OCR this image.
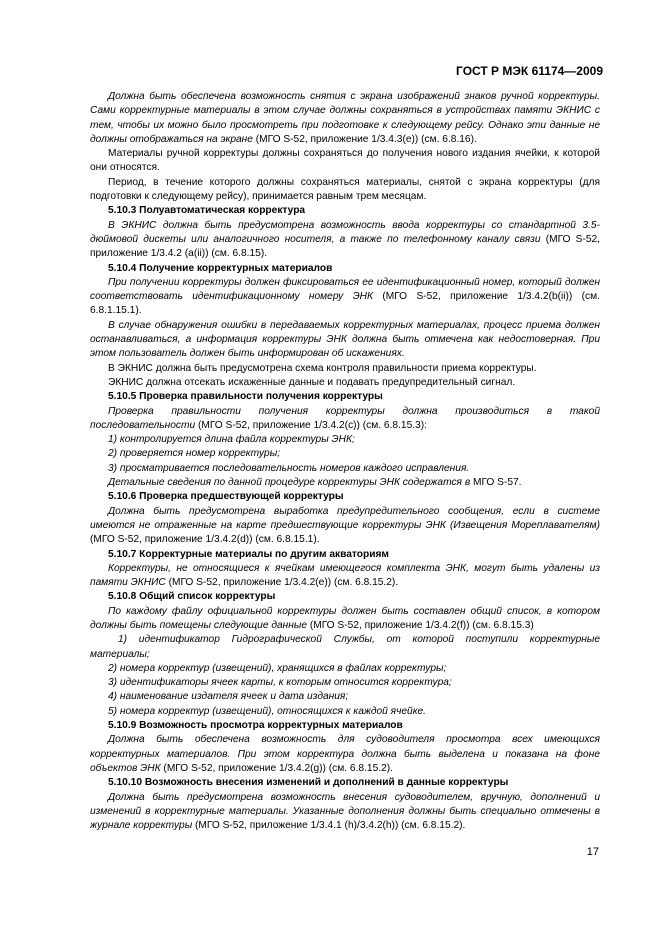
ГОСТ Р МЭК 61174—2009
Должна быть обеспечена возможность снятия с экрана изображений знаков ручной корректуры. Сами корректурные материалы в этом случае должны сохраняться в устройствах памяти ЭКНИС с тем, чтобы их можно было просмотреть при подготовке к следующему рейсу. Однако эти данные не должны отображаться на экране (МГО S-52, приложение 1/3.4.3(e)) (см. 6.8.16).
Материалы ручной корректуры должны сохраняться до получения нового издания ячейки, к которой они относятся.
Период, в течение которого должны сохраняться материалы, снятой с экрана корректуры (для подготовки к следующему рейсу), принимается равным трем месяцам.
5.10.3 Полуавтоматическая корректура
В ЭКНИС должна быть предусмотрена возможность ввода корректуры со стандартной 3.5-дюймовой дискеты или аналогичного носителя, а также по телефонному каналу связи (МГО S-52, приложение 1/3.4.2 (a(ii)) (см. 6.8.15).
5.10.4 Получение корректурных материалов
При получении корректуры должен фиксироваться ее идентификационный номер, который должен соответствовать идентификационному номеру ЭНК (МГО S-52, приложение 1/3.4.2(b(ii)) (см. 6.8.1.15.1).
В случае обнаружения ошибки в передаваемых корректурных материалах, процесс приема должен останавливаться, а информация корректуры ЭНК должна быть отмечена как недостоверная. При этом пользователь должен быть информирован об искажениях.
В ЭКНИС должна быть предусмотрена схема контроля правильности приема корректуры.
ЭКНИС должна отсекать искаженные данные и подавать предупредительный сигнал.
5.10.5 Проверка правильности получения корректуры
Проверка правильности получения корректуры должна производиться в такой последовательности (МГО S-52, приложение 1/3.4.2(c)) (см. 6.8.15.3):
1) контролируется длина файла корректуры ЭНК;
2) проверяется номер корректуры;
3) просматривается последовательность номеров каждого исправления.
Детальные сведения по данной процедуре корректуры ЭНК содержатся в МГО S-57.
5.10.6 Проверка предшествующей корректуры
Должна быть предусмотрена выработка предупредительного сообщения, если в системе имеются не отраженные на карте предшествующие корректуры ЭНК (Извещения Мореплавателям) (МГО S-52, приложение 1/3.4.2(d)) (см. 6.8.15.1).
5.10.7 Корректурные материалы по другим акваториям
Корректуры, не относящиеся к ячейкам имеющегося комплекта ЭНК, могут быть удалены из памяти ЭКНИС (МГО S-52, приложение 1/3.4.2(e)) (см. 6.8.15.2).
5.10.8 Общий список корректуры
По каждому файлу официальной корректуры должен быть составлен общий список, в котором должны быть помещены следующие данные (МГО S-52, приложение 1/3.4.2(f)) (см. 6.8.15.3)
1) идентификатор Гидрографической Службы, от которой поступили корректурные материалы;
2) номера корректур (извещений), хранящихся в файлах корректуры;
3) идентификаторы ячеек карты, к которым относится корректура;
4) наименование издателя ячеек и дата издания;
5) номера корректур (извещений), относящихся к каждой ячейке.
5.10.9 Возможность просмотра корректурных материалов
Должна быть обеспечена возможность для судоводителя просмотра всех имеющихся корректурных материалов. При этом корректура должна быть выделена и показана на фоне объектов ЭНК (МГО S-52, приложение 1/3.4.2(g)) (см. 6.8.15.2).
5.10.10 Возможность внесения изменений и дополнений в данные корректуры
Должна быть предусмотрена возможность внесения судоводителем, вручную, дополнений и изменений в корректурные материалы. Указанные дополнения должны быть специально отмечены в журнале корректуры (МГО S-52, приложение 1/3.4.1 (h)/3.4.2(h)) (см. 6.8.15.2).
17
